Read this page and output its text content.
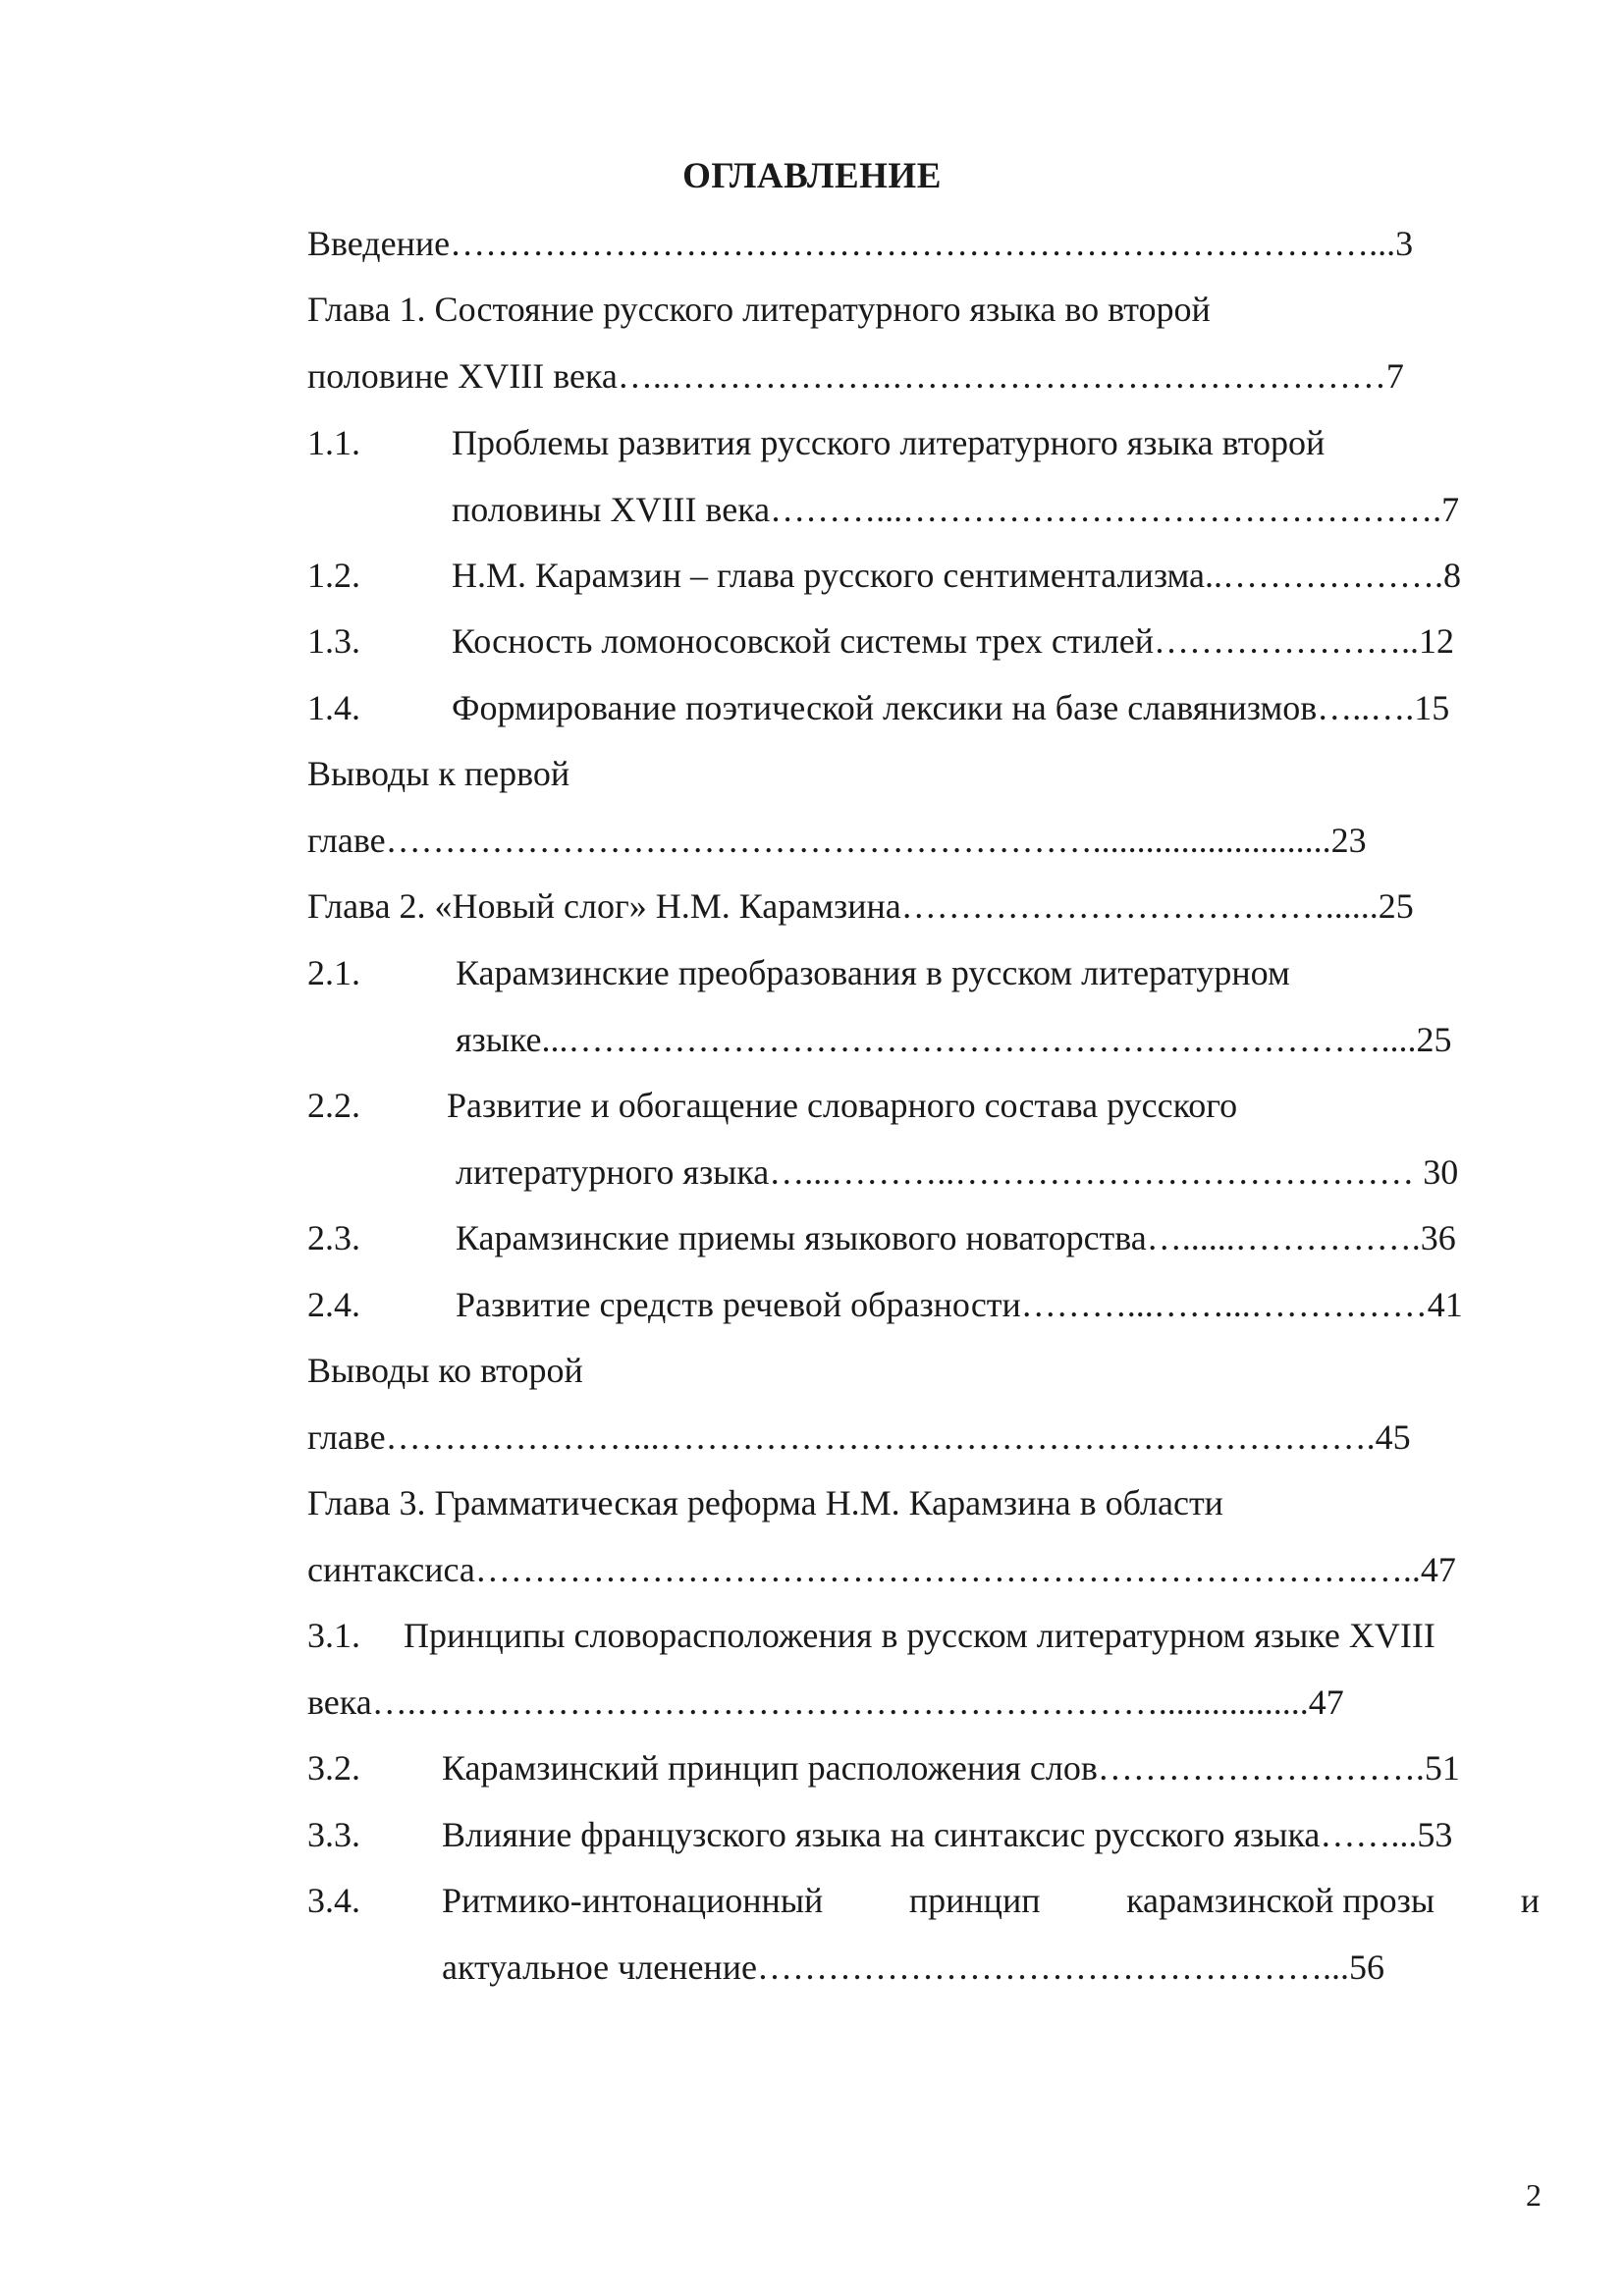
ОГЛАВЛЕНИЕ
Введение……………………………………………………………………...3
Глава 1. Состояние русского литературного языка во второй
половине XVIII века…..……………….……………………………………7
1.1.	Проблемы развития русского литературного языка второй
половины XVIII века………...……………………………………….7
1.2.	Н.М. Карамзин – глава русского сентиментализма..……………….8
1.3.	Косность ломоносовской системы трех стилей…………………..12
1.4.	Формирование поэтической лексики на базе славянизмов…..….15
Выводы к первой
главе……………………………………………………...........................23
Глава 2. «Новый слог» Н.М. Карамзина………………………………......25
2.1.	Карамзинские преобразования в русском литературном
языке...……………………………………………………………....25
2.2. Развитие и обогащение словарного состава русского
литературного языка…...………..………………………………… 30
2.3.	Карамзинские приемы языкового новаторства…......…………….36
2.4.	Развитие средств речевой образности………...……...……………41
Выводы ко второй
главе…………………...…………………………………………………….45
Глава 3. Грамматическая реформа Н.М. Карамзина в области
синтаксиса………………………………………………………………….…..47
3.1. Принципы словорасположения в русском литературном языке XVIII
века….……………………………………………………….................47
3.2. Карамзинский принцип расположения слов……………………….51
3.3. Влияние французского языка на синтаксис русского языка……...53
3.4. Ритмико-интонационный принцип карамзинской прозы и
актуальное членение…………………………………………...56
2
